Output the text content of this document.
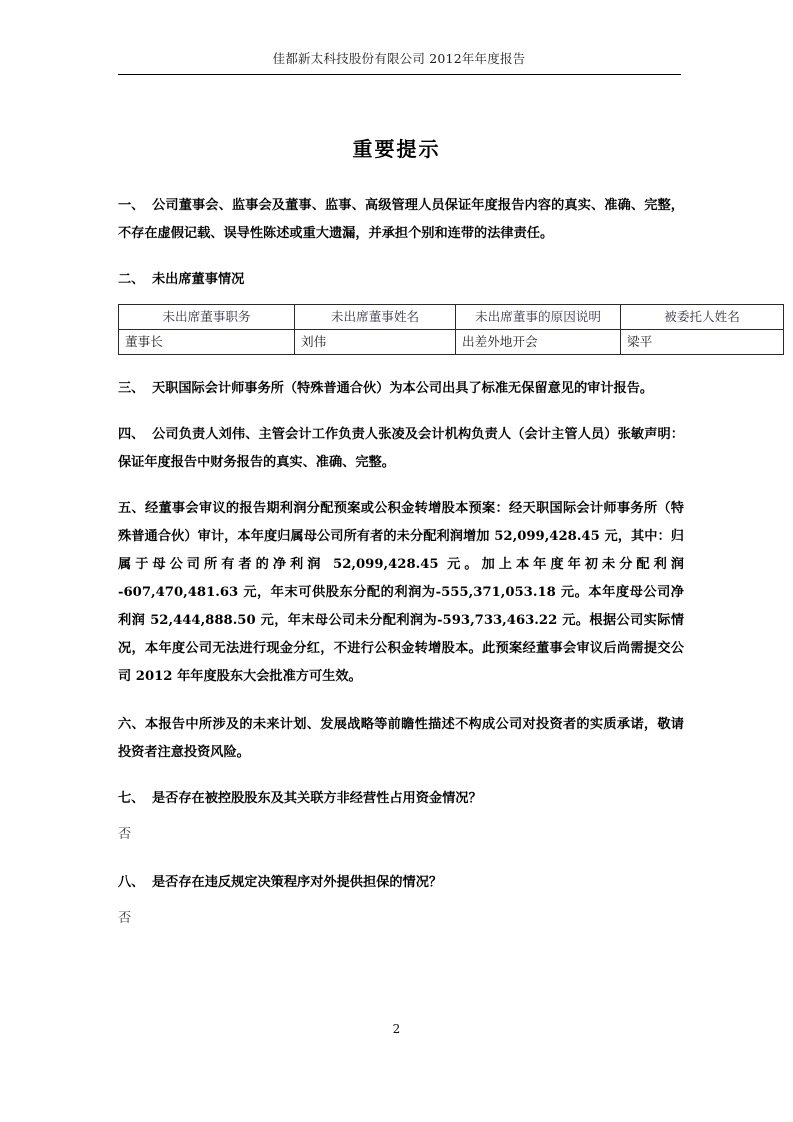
佳都新太科技股份有限公司 2012年年度报告
重要提示

一、 公司董事会、监事会及董事、监事、高级管理人员保证年度报告内容的真实、准确、完整，不存在虚假记载、误导性陈述或重大遗漏，并承担个别和连带的法律责任。

二、 未出席董事情况

未出席董事职务	未出席董事姓名	未出席董事的原因说明	被委托人姓名
董事长	刘伟	出差外地开会	梁平

三、 天职国际会计师事务所（特殊普通合伙）为本公司出具了标准无保留意见的审计报告。

四、 公司负责人刘伟、主管会计工作负责人张凌及会计机构负责人（会计主管人员）张敏声明：保证年度报告中财务报告的真实、准确、完整。

五、经董事会审议的报告期利润分配预案或公积金转增股本预案：经天职国际会计师事务所（特殊普通合伙）审计，本年度归属母公司所有者的未分配利润增加 52,099,428.45 元，其中：归属于母公司所有者的净利润 52,099,428.45 元。加上本年度年初未分配利润 -607,470,481.63 元，年末可供股东分配的利润为-555,371,053.18 元。本年度母公司净利润 52,444,888.50 元，年末母公司未分配利润为-593,733,463.22 元。根据公司实际情况，本年度公司无法进行现金分红，不进行公积金转增股本。此预案经董事会审议后尚需提交公司 2012 年年度股东大会批准方可生效。

六、本报告中所涉及的未来计划、发展战略等前瞻性描述不构成公司对投资者的实质承诺，敬请投资者注意投资风险。

七、 是否存在被控股股东及其关联方非经营性占用资金情况？

否

八、 是否存在违反规定决策程序对外提供担保的情况？

否

2
